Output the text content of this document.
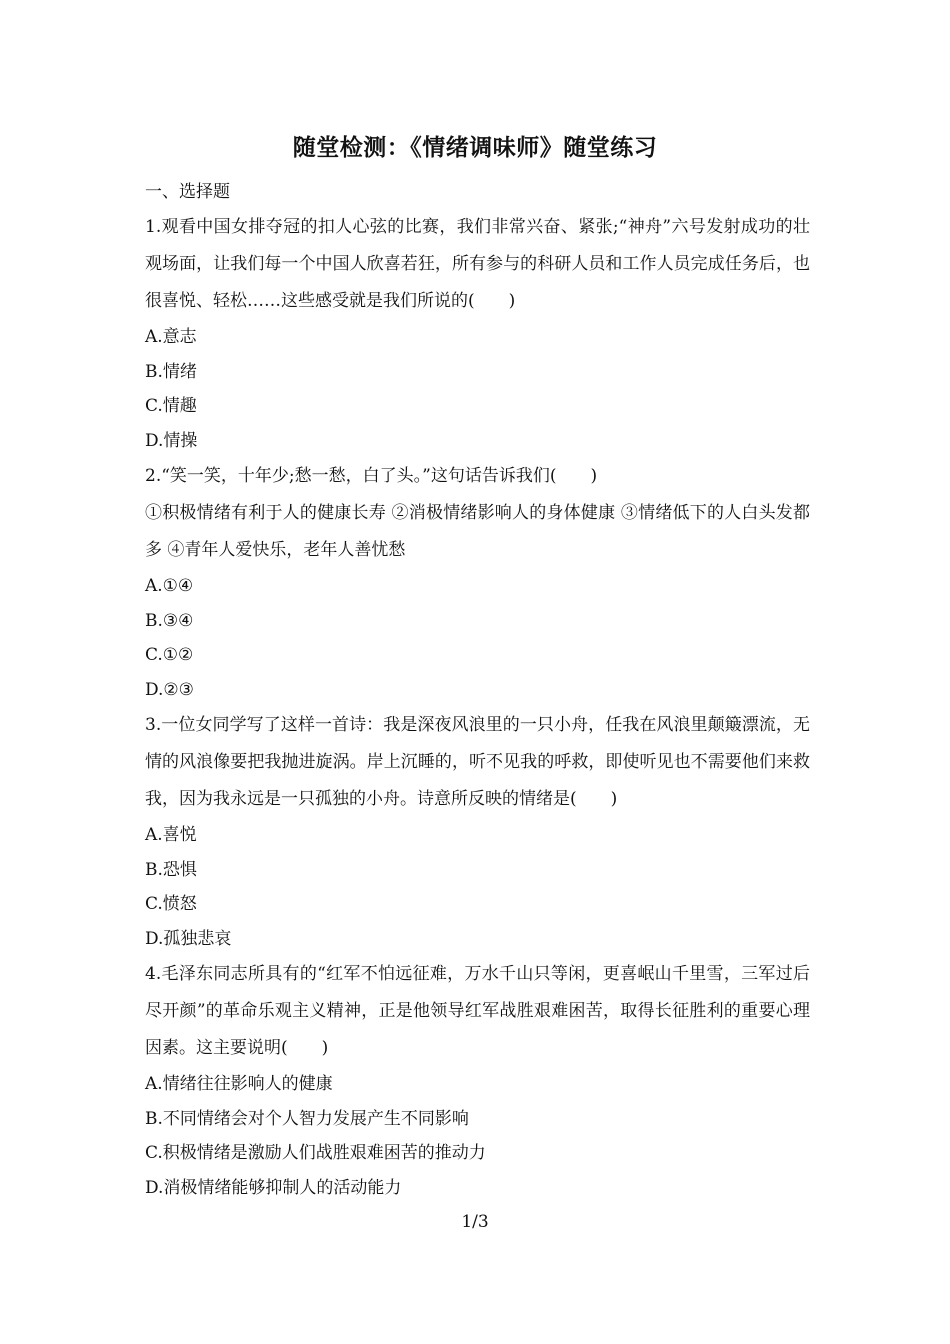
随堂检测：《情绪调味师》随堂练习
一、选择题

1.观看中国女排夺冠的扣人心弦的比赛，我们非常兴奋、紧张;“神舟”六号发射成功的壮观场面，让我们每一个中国人欣喜若狂，所有参与的科研人员和工作人员完成任务后，也很喜悦、轻松……这些感受就是我们所说的(　　)

A.意志
B.情绪
C.情趣
D.情操

2.“笑一笑，十年少;愁一愁，白了头。”这句话告诉我们(　　)

①积极情绪有利于人的健康长寿 ②消极情绪影响人的身体健康 ③情绪低下的人白头发都多 ④青年人爱快乐，老年人善忧愁

A.①④
B.③④
C.①②
D.②③

3.一位女同学写了这样一首诗：我是深夜风浪里的一只小舟，任我在风浪里颠簸漂流，无情的风浪像要把我抛进旋涡。岸上沉睡的，听不见我的呼救，即使听见也不需要他们来救我，因为我永远是一只孤独的小舟。诗意所反映的情绪是(　　)

A.喜悦
B.恐惧
C.愤怒
D.孤独悲哀

4.毛泽东同志所具有的“红军不怕远征难，万水千山只等闲，更喜岷山千里雪，三军过后尽开颜”的革命乐观主义精神，正是他领导红军战胜艰难困苦，取得长征胜利的重要心理因素。这主要说明(　　)

A.情绪往往影响人的健康
B.不同情绪会对个人智力发展产生不同影响
C.积极情绪是激励人们战胜艰难困苦的推动力
D.消极情绪能够抑制人的活动能力
1/3
